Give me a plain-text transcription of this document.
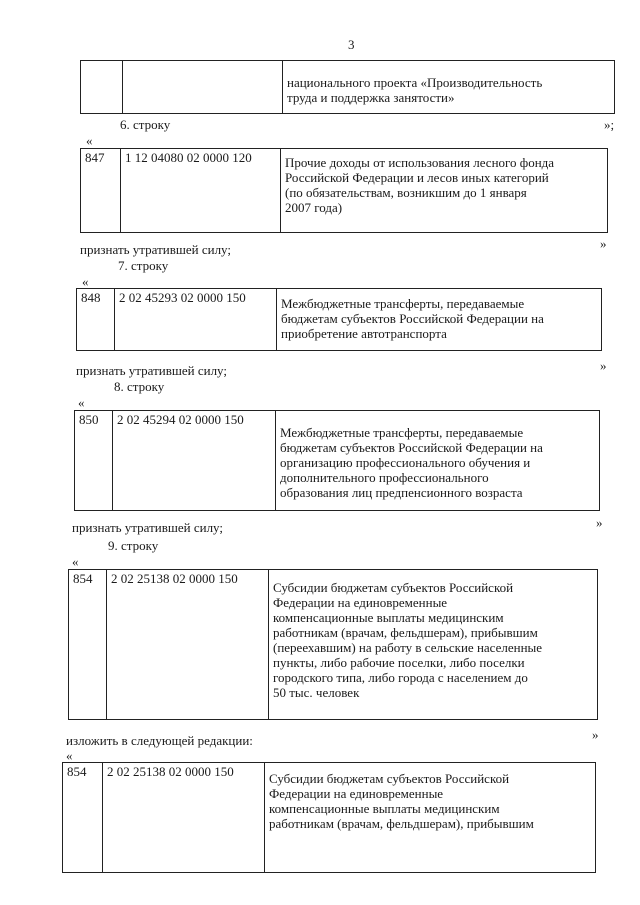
3

национального проекта «Производительность
труда и поддержка занятости»
6. строку	»;
«
847	1 12 04080 02 0000 120	Прочие доходы от использования лесного фонда
Российской Федерации и лесов иных категорий
(по обязательствам, возникшим до 1 января
2007 года)
»
признать утратившей силу;
7. строку
«
848	2 02 45293 02 0000 150	Межбюджетные трансферты, передаваемые
бюджетам субъектов Российской Федерации на
приобретение автотранспорта
»
признать утратившей силу;
8. строку
«
850	2 02 45294 02 0000 150	
Межбюджетные трансферты, передаваемые
бюджетам субъектов Российской Федерации на
организацию профессионального обучения и
дополнительного профессионального
образования лиц предпенсионного возраста
»
признать утратившей силу;
9. строку
«
854	2 02 25138 02 0000 150	
Субсидии бюджетам субъектов Российской
Федерации на единовременные
компенсационные выплаты медицинским
работникам (врачам, фельдшерам), прибывшим
(переехавшим) на работу в сельские населенные
пункты, либо рабочие поселки, либо поселки
городского типа, либо города с населением до
50 тыс. человек
»
изложить в следующей редакции:
«
854	2 02 25138 02 0000 150	Субсидии бюджетам субъектов Российской
Федерации на единовременные
компенсационные выплаты медицинским
работникам (врачам, фельдшерам), прибывшим
